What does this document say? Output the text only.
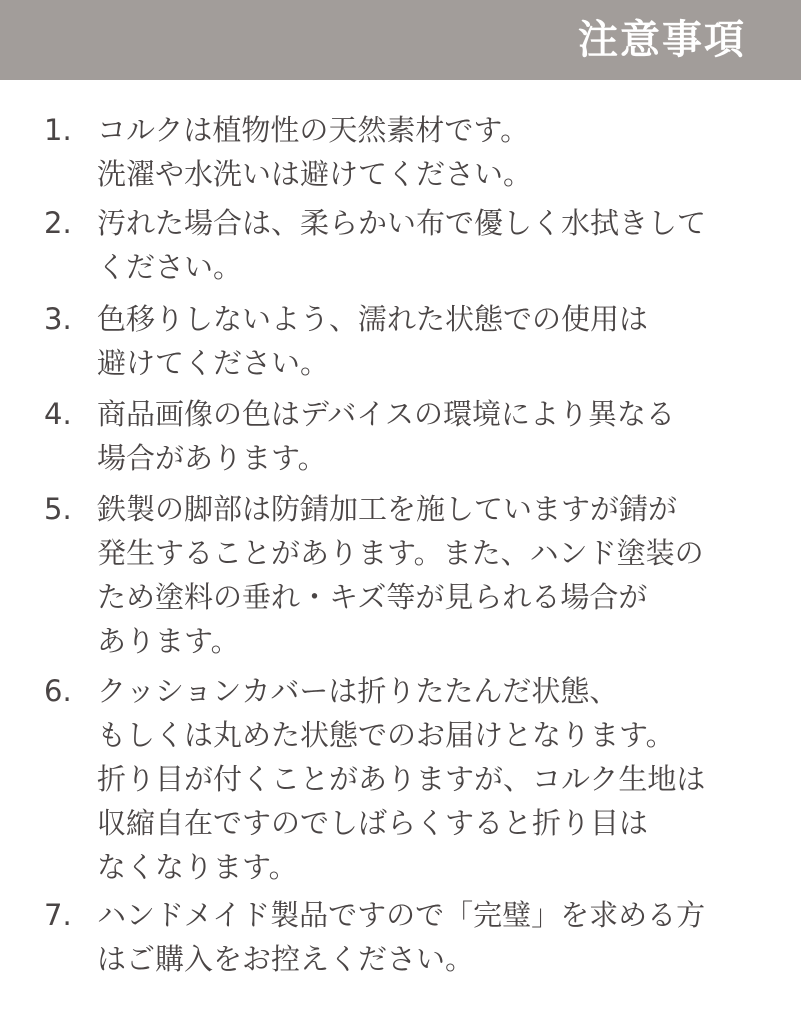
注意事項
1. コルクは植物性の天然素材です。
洗濯や水洗いは避けてください。
2. 汚れた場合は、柔らかい布で優しく水拭きして
ください。
3. 色移りしないよう、濡れた状態での使用は
避けてください。
4. 商品画像の色はデバイスの環境により異なる
場合があります。
5. 鉄製の脚部は防錆加工を施していますが錆が
発生することがあります。また、ハンド塗装の
ため塗料の垂れ・キズ等が見られる場合が
あります。
6. クッションカバーは折りたたんだ状態、
もしくは丸めた状態でのお届けとなります。
折り目が付くことがありますが、コルク生地は
収縮自在ですのでしばらくすると折り目は
なくなります。
7. ハンドメイド製品ですので「完璧」を求める方
はご購入をお控えください。
